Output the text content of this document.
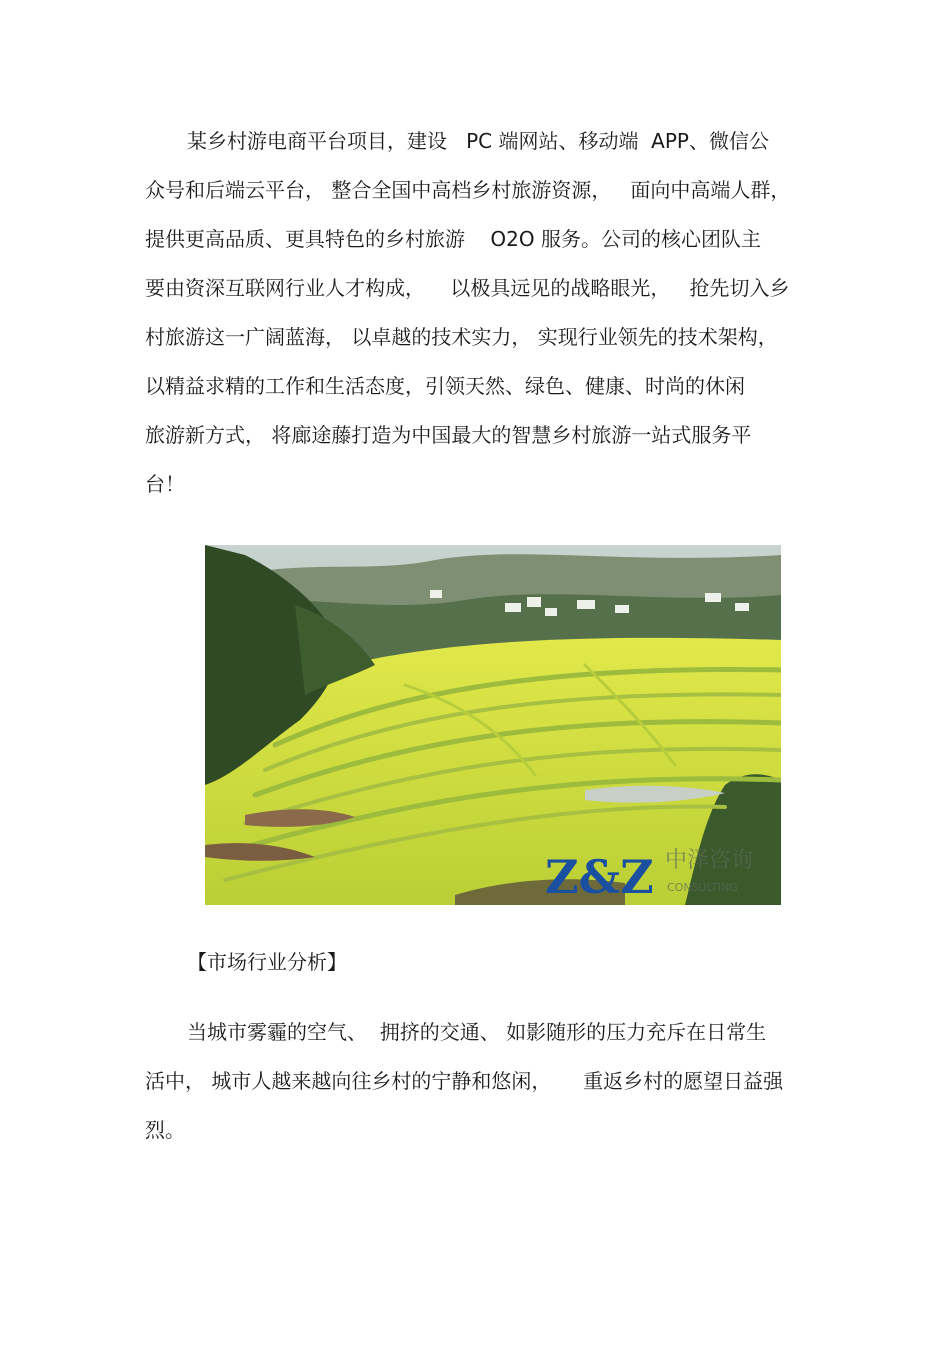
某乡村游电商平台项目，建设   PC 端网站、移动端  APP、微信公
众号和后端云平台， 整合全国中高档乡村旅游资源，   面向中高端人群，
提供更高品质、更具特色的乡村旅游    O2O 服务。公司的核心团队主
要由资深互联网行业人才构成，    以极具远见的战略眼光，   抢先切入乡
村旅游这一广阔蓝海， 以卓越的技术实力， 实现行业领先的技术架构，
以精益求精的工作和生活态度，引领天然、绿色、健康、时尚的休闲
旅游新方式， 将廊途藤打造为中国最大的智慧乡村旅游一站式服务平
台！
Z&Z 中泽咨询
CONSULTING

【市场行业分析】

当城市雾霾的空气、  拥挤的交通、 如影随形的压力充斥在日常生
活中， 城市人越来越向往乡村的宁静和悠闲，     重返乡村的愿望日益强
烈。
